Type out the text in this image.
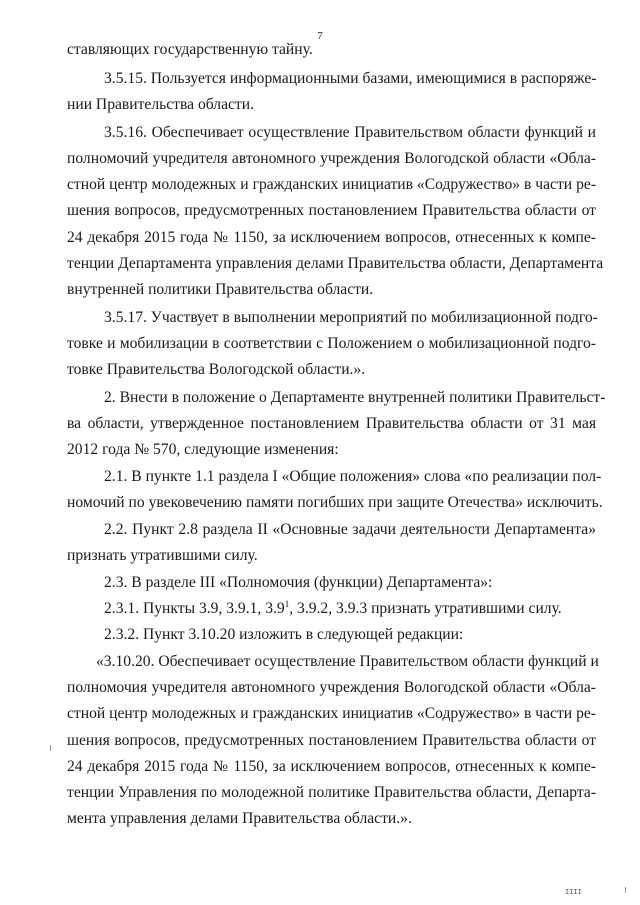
7
ставляющих государственную тайну.
3.5.15. Пользуется информационными базами, имеющимися в распоряже-
нии Правительства области.
3.5.16. Обеспечивает осуществление Правительством области функций и
полномочий учредителя автономного учреждения Вологодской области «Обла-
стной центр молодежных и гражданских инициатив «Содружество» в части ре-
шения вопросов, предусмотренных постановлением Правительства области от
24 декабря 2015 года № 1150, за исключением вопросов, отнесенных к компе-
тенции Департамента управления делами Правительства области, Департамента
внутренней политики Правительства области.
3.5.17. Участвует в выполнении мероприятий по мобилизационной подго-
товке и мобилизации в соответствии с Положением о мобилизационной подго-
товке Правительства Вологодской области.».
2. Внести в положение о Департаменте внутренней политики Правительст-
ва области, утвержденное постановлением Правительства области от 31 мая
2012 года № 570, следующие изменения:
2.1. В пункте 1.1 раздела I «Общие положения» слова «по реализации пол-
номочий по увековечению памяти погибших при защите Отечества» исключить.
2.2. Пункт 2.8 раздела II «Основные задачи деятельности Департамента»
признать утратившими силу.
2.3. В разделе III «Полномочия (функции) Департамента»:
2.3.1. Пункты 3.9, 3.9.1, $3.9^1$, 3.9.2, 3.9.3 признать утратившими силу.
2.3.2. Пункт 3.10.20 изложить в следующей редакции:
«3.10.20. Обеспечивает осуществление Правительством области функций и
полномочия учредителя автономного учреждения Вологодской области «Обла-
стной центр молодежных и гражданских инициатив «Содружество» в части ре-
шения вопросов, предусмотренных постановлением Правительства области от
24 декабря 2015 года № 1150, за исключением вопросов, отнесенных к компе-
тенции Управления по молодежной политике Правительства области, Департа-
мента управления делами Правительства области.».
IIII
